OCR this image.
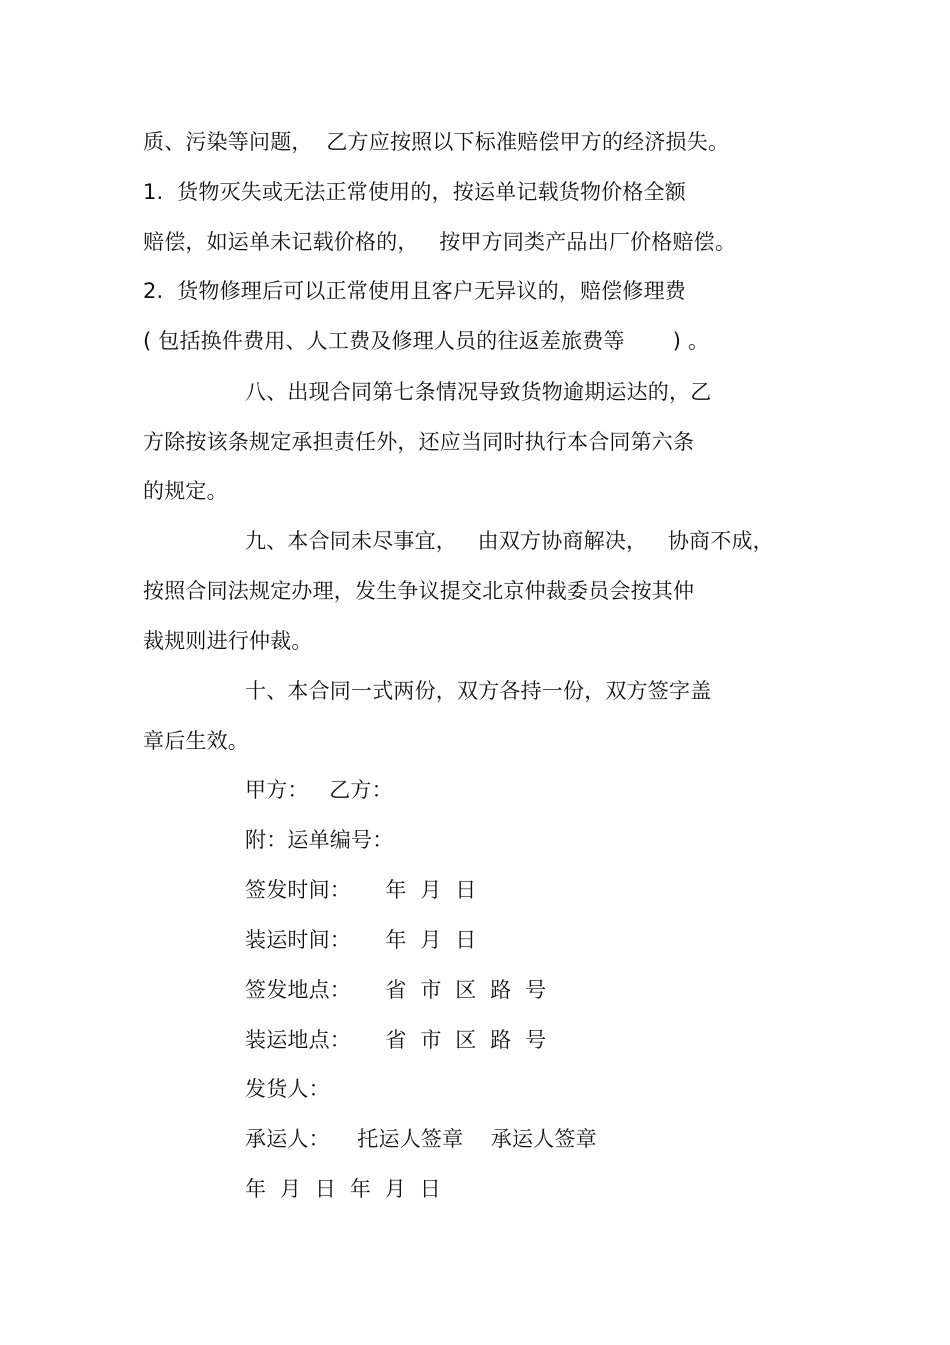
质、污染等问题，  乙方应按照以下标准赔偿甲方的经济损失。
1.  货物灭失或无法正常使用的，按运单记载货物价格全额
赔偿，如运单未记载价格的，   按甲方同类产品出厂价格赔偿。
2.  货物修理后可以正常使用且客户无异议的，赔偿修理费
( 包括换件费用、人工费及修理人员的往返差旅费等       ) 。
八、出现合同第七条情况导致货物逾期运达的，乙
方除按该条规定承担责任外，还应当同时执行本合同第六条
的规定。
九、本合同未尽事宜，   由双方协商解决，   协商不成，
按照合同法规定办理，发生争议提交北京仲裁委员会按其仲
裁规则进行仲裁。
十、本合同一式两份，双方各持一份，双方签字盖
章后生效。
甲方：   乙方：
附：运单编号：
签发时间：     年  月  日
装运时间：     年  月  日
签发地点：     省  市  区  路  号
装运地点：     省  市  区  路  号
发货人：
承运人：    托运人签章    承运人签章
年  月  日  年  月  日
